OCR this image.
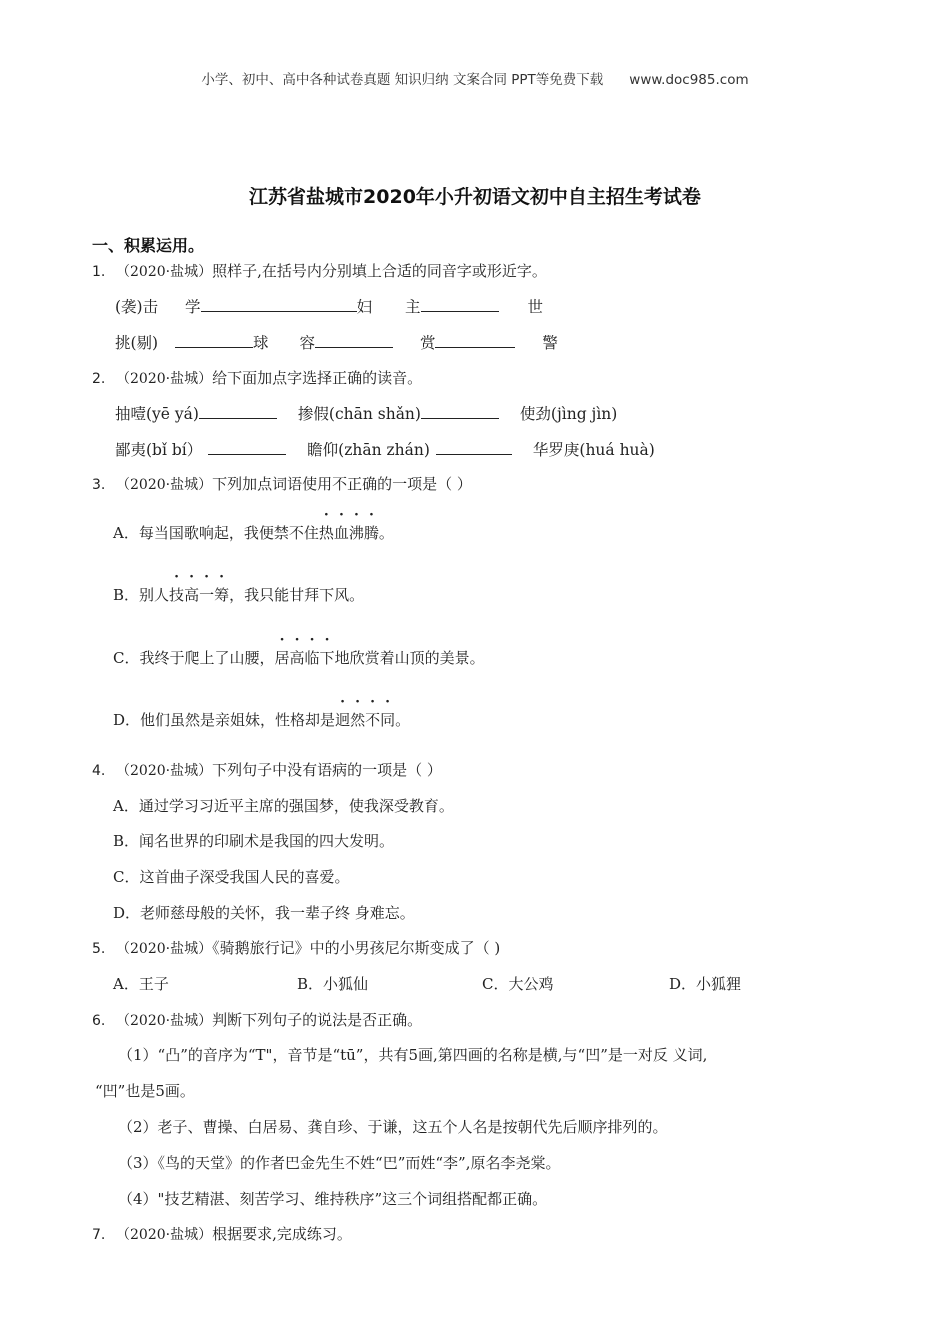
小学、初中、高中各种试卷真题 知识归纳 文案合同 PPT等免费下载 www.doc985.com
江苏省盐城市2020年小升初语文初中自主招生考试卷
一、积累运用。
1. （2020·盐城）照样子,在括号内分别填上合适的同音字或形近字。
(袭)击 学	妇 主	世
挑(剔)	球 容	赏	警
2. （2020·盐城）给下面加点字选择正确的读音。
抽噎(yē yá)	掺假(chān shǎn)	使劲(jìng jìn)
鄙夷(bǐ bí）	瞻仰(zhān zhán)	华罗庚(huá huà)
3. （2020·盐城）下列加点词语使用不正确的一项是（ ）
A．每当国歌响起，我便禁不住热血沸腾。
B．别人技高一筹，我只能甘拜下风。
C．我终于爬上了山腰，居高临下地欣赏着山顶的美景。
D．他们虽然是亲姐妹，性格却是迥然不同。
4. （2020·盐城）下列句子中没有语病的一项是（ ）
A．通过学习习近平主席的强国梦，使我深受教育。
B．闻名世界的印刷术是我国的四大发明。
C．这首曲子深受我国人民的喜爱。
D．老师慈母般的关怀，我一辈子终 身难忘。
5. （2020·盐城）《骑鹅旅行记》中的小男孩尼尔斯变成了（ )
A．王子	B．小狐仙	C．大公鸡	D．小狐狸
6. （2020·盐城）判断下列句子的说法是否正确。
（1）“凸”的音序为“T"，音节是“tū”，共有5画,第四画的名称是横,与“凹”是一对反 义词,
“凹”也是5画。
（2）老子、曹操、白居易、龚自珍、于谦，这五个人名是按朝代先后顺序排列的。
（3）《鸟的天堂》的作者巴金先生不姓“巴”而姓“李”,原名李尧棠。
（4）"技艺精湛、刻苦学习、维持秩序”这三个词组搭配都正确。
7. （2020·盐城）根据要求,完成练习。
